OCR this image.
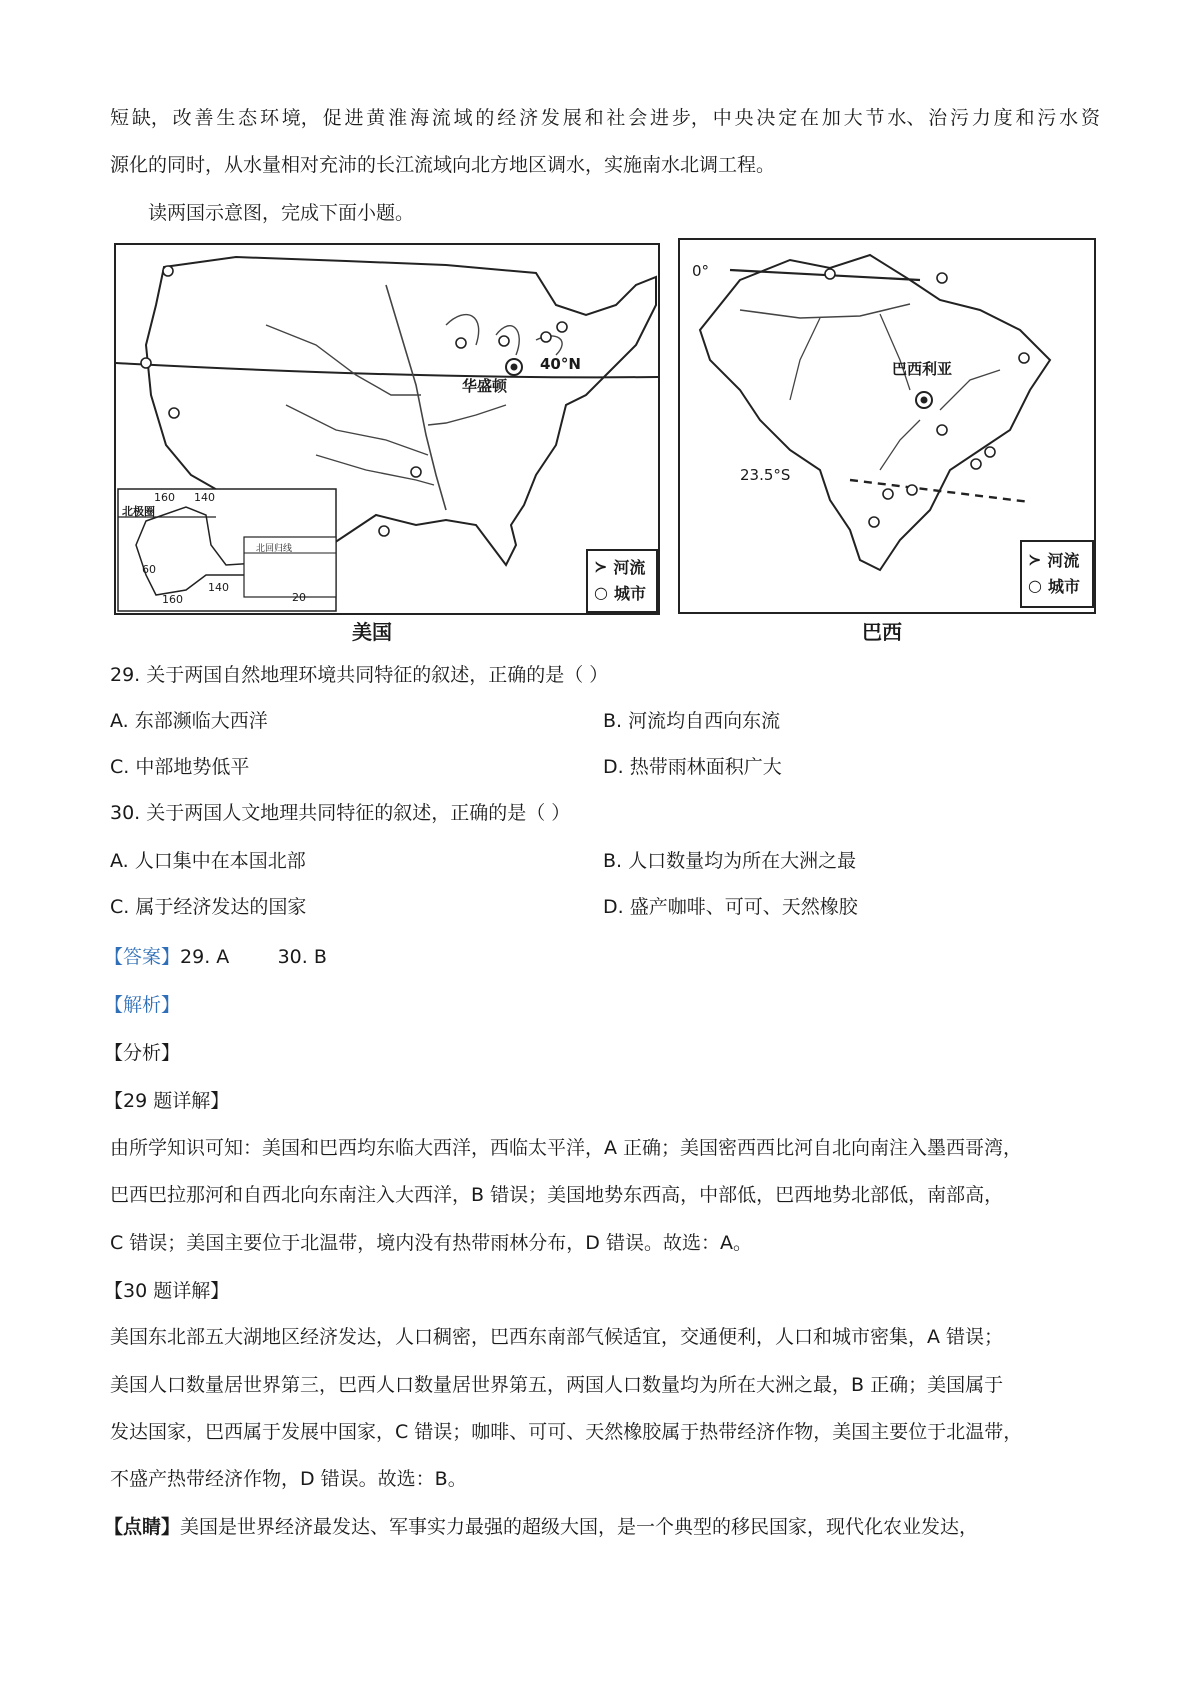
短 缺， 改 善 生 态 环 境， 促 进 黄 淮 海 流 域 的 经 济 发 展 和 社 会 进 步， 中 央 决 定 在 加 大 节 水、 治 污 力 度 和 污 水 资
源化的同时，从水量相对充沛的长江流域向北方地区调水，实施南水北调工程。
读两国示意图，完成下面小题。
华盛顿
40°N
160 140
北极圈
60
160
140
北回归线
20
≻ 河流
○ 城市
美国
0°
巴西利亚
23.5°S
≻ 河流
○ 城市
巴西
29. 关于两国自然地理环境共同特征的叙述，正确的是（ ）
A. 东部濒临大西洋	B. 河流均自西向东流
C. 中部地势低平	D. 热带雨林面积广大
30. 关于两国人文地理共同特征的叙述，正确的是（ ）
A. 人口集中在本国北部	B. 人口数量均为所在大洲之最
C. 属于经济发达的国家	D. 盛产咖啡、可可、天然橡胶
【答案】29. A        30. B
【解析】
【分析】
【29 题详解】
由所学知识可知：美国和巴西均东临大西洋，西临太平洋，A 正确；美国密西西比河自北向南注入墨西哥湾，
巴西巴拉那河和自西北向东南注入大西洋，B 错误；美国地势东西高，中部低，巴西地势北部低，南部高，
C 错误；美国主要位于北温带，境内没有热带雨林分布，D 错误。故选：A。
【30 题详解】
美国东北部五大湖地区经济发达，人口稠密，巴西东南部气候适宜，交通便利，人口和城市密集，A 错误；
美国人口数量居世界第三，巴西人口数量居世界第五，两国人口数量均为所在大洲之最，B 正确；美国属于
发达国家，巴西属于发展中国家，C 错误；咖啡、可可、天然橡胶属于热带经济作物，美国主要位于北温带，
不盛产热带经济作物，D 错误。故选：B。
【点睛】美国是世界经济最发达、军事实力最强的超级大国，是一个典型的移民国家，现代化农业发达，
